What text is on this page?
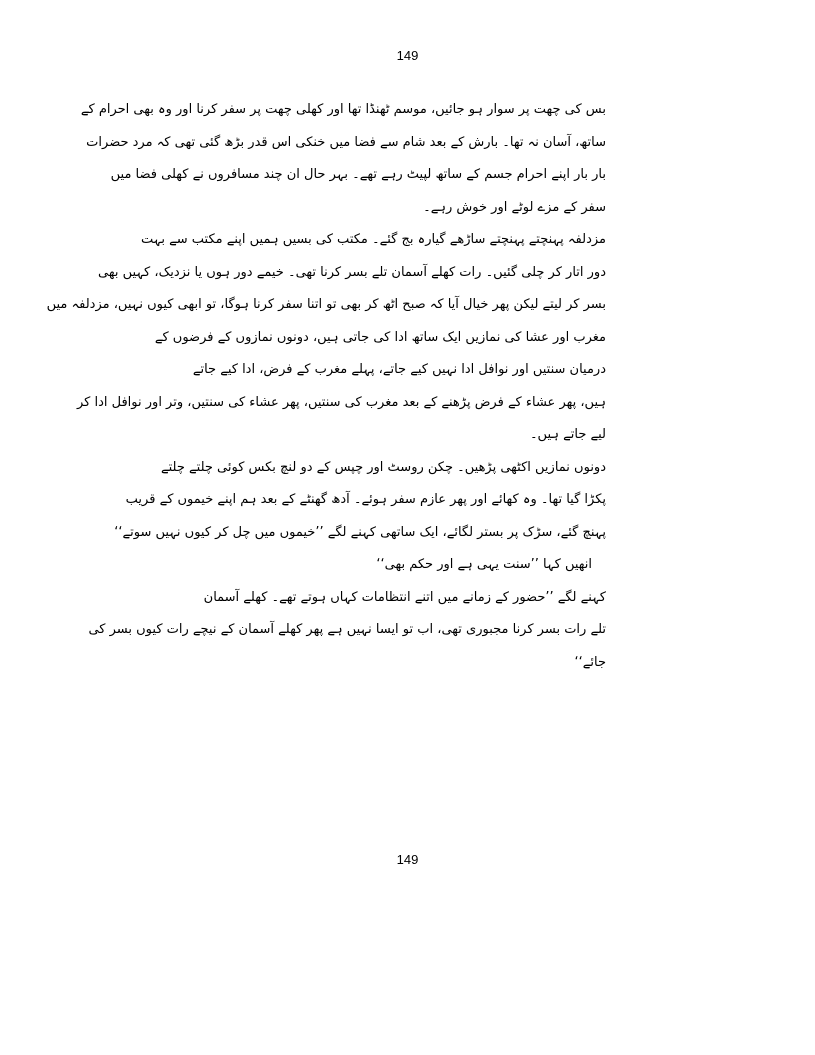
149
بس کی چھت پر سوار ہو جائیں، موسم ٹھنڈا تھا اور کھلی چھت پر سفر کرنا اور وہ بھی احرام کے
ساتھ، آسان نہ تھا۔ بارش کے بعد شام سے فضا میں خنکی اس قدر بڑھ گئی تھی کہ مرد حضرات
بار بار اپنے احرام جسم کے ساتھ لپیٹ رہے تھے۔ بہر حال ان چند مسافروں نے کھلی فضا میں
سفر کے مزے لوٹے اور خوش رہے۔
مزدلفہ پہنچتے پہنچتے ساڑھے گیارہ بج گئے۔ مکتب کی بسیں ہمیں اپنے مکتب سے بہت
دور اتار کر چلی گئیں۔ رات کھلے آسمان تلے بسر کرنا تھی۔ خیمے دور ہوں یا نزدیک، کہیں بھی
بسر کر لیتے لیکن پھر خیال آیا کہ صبح اٹھ کر بھی تو اتنا سفر کرنا ہوگا، تو ابھی کیوں نہیں، مزدلفہ میں
مغرب اور عشا کی نمازیں ایک ساتھ ادا کی جاتی ہیں، دونوں نمازوں کے فرضوں کے
درمیان سنتیں اور نوافل ادا نہیں کیے جاتے، پہلے مغرب کے فرض، ادا کیے جاتے
ہیں، پھر عشاء کے فرض پڑھنے کے بعد مغرب کی سنتیں، پھر عشاء کی سنتیں، وتر اور نوافل ادا کر
لیے جاتے ہیں۔
دونوں نمازیں اکٹھی پڑھیں۔ چکن روسٹ اور چپس کے دو لنچ بکس کوئی چلتے چلتے
پکڑا گیا تھا۔ وہ کھائے اور پھر عازم سفر ہوئے۔ آدھ گھنٹے کے بعد ہم اپنے خیموں کے قریب
پہنچ گئے، سڑک پر بستر لگائے، ایک ساتھی کہنے لگے ’’خیموں میں چل کر کیوں نہیں سوتے‘‘
انھیں کہا ’’سنت یہی ہے اور حکم بھی‘‘
کہنے لگے ’’حضور کے زمانے میں اتنے انتظامات کہاں ہوتے تھے۔ کھلے آسمان
تلے رات بسر کرنا مجبوری تھی، اب تو ایسا نہیں ہے پھر کھلے آسمان کے نیچے رات کیوں بسر کی
جائے‘‘
149
